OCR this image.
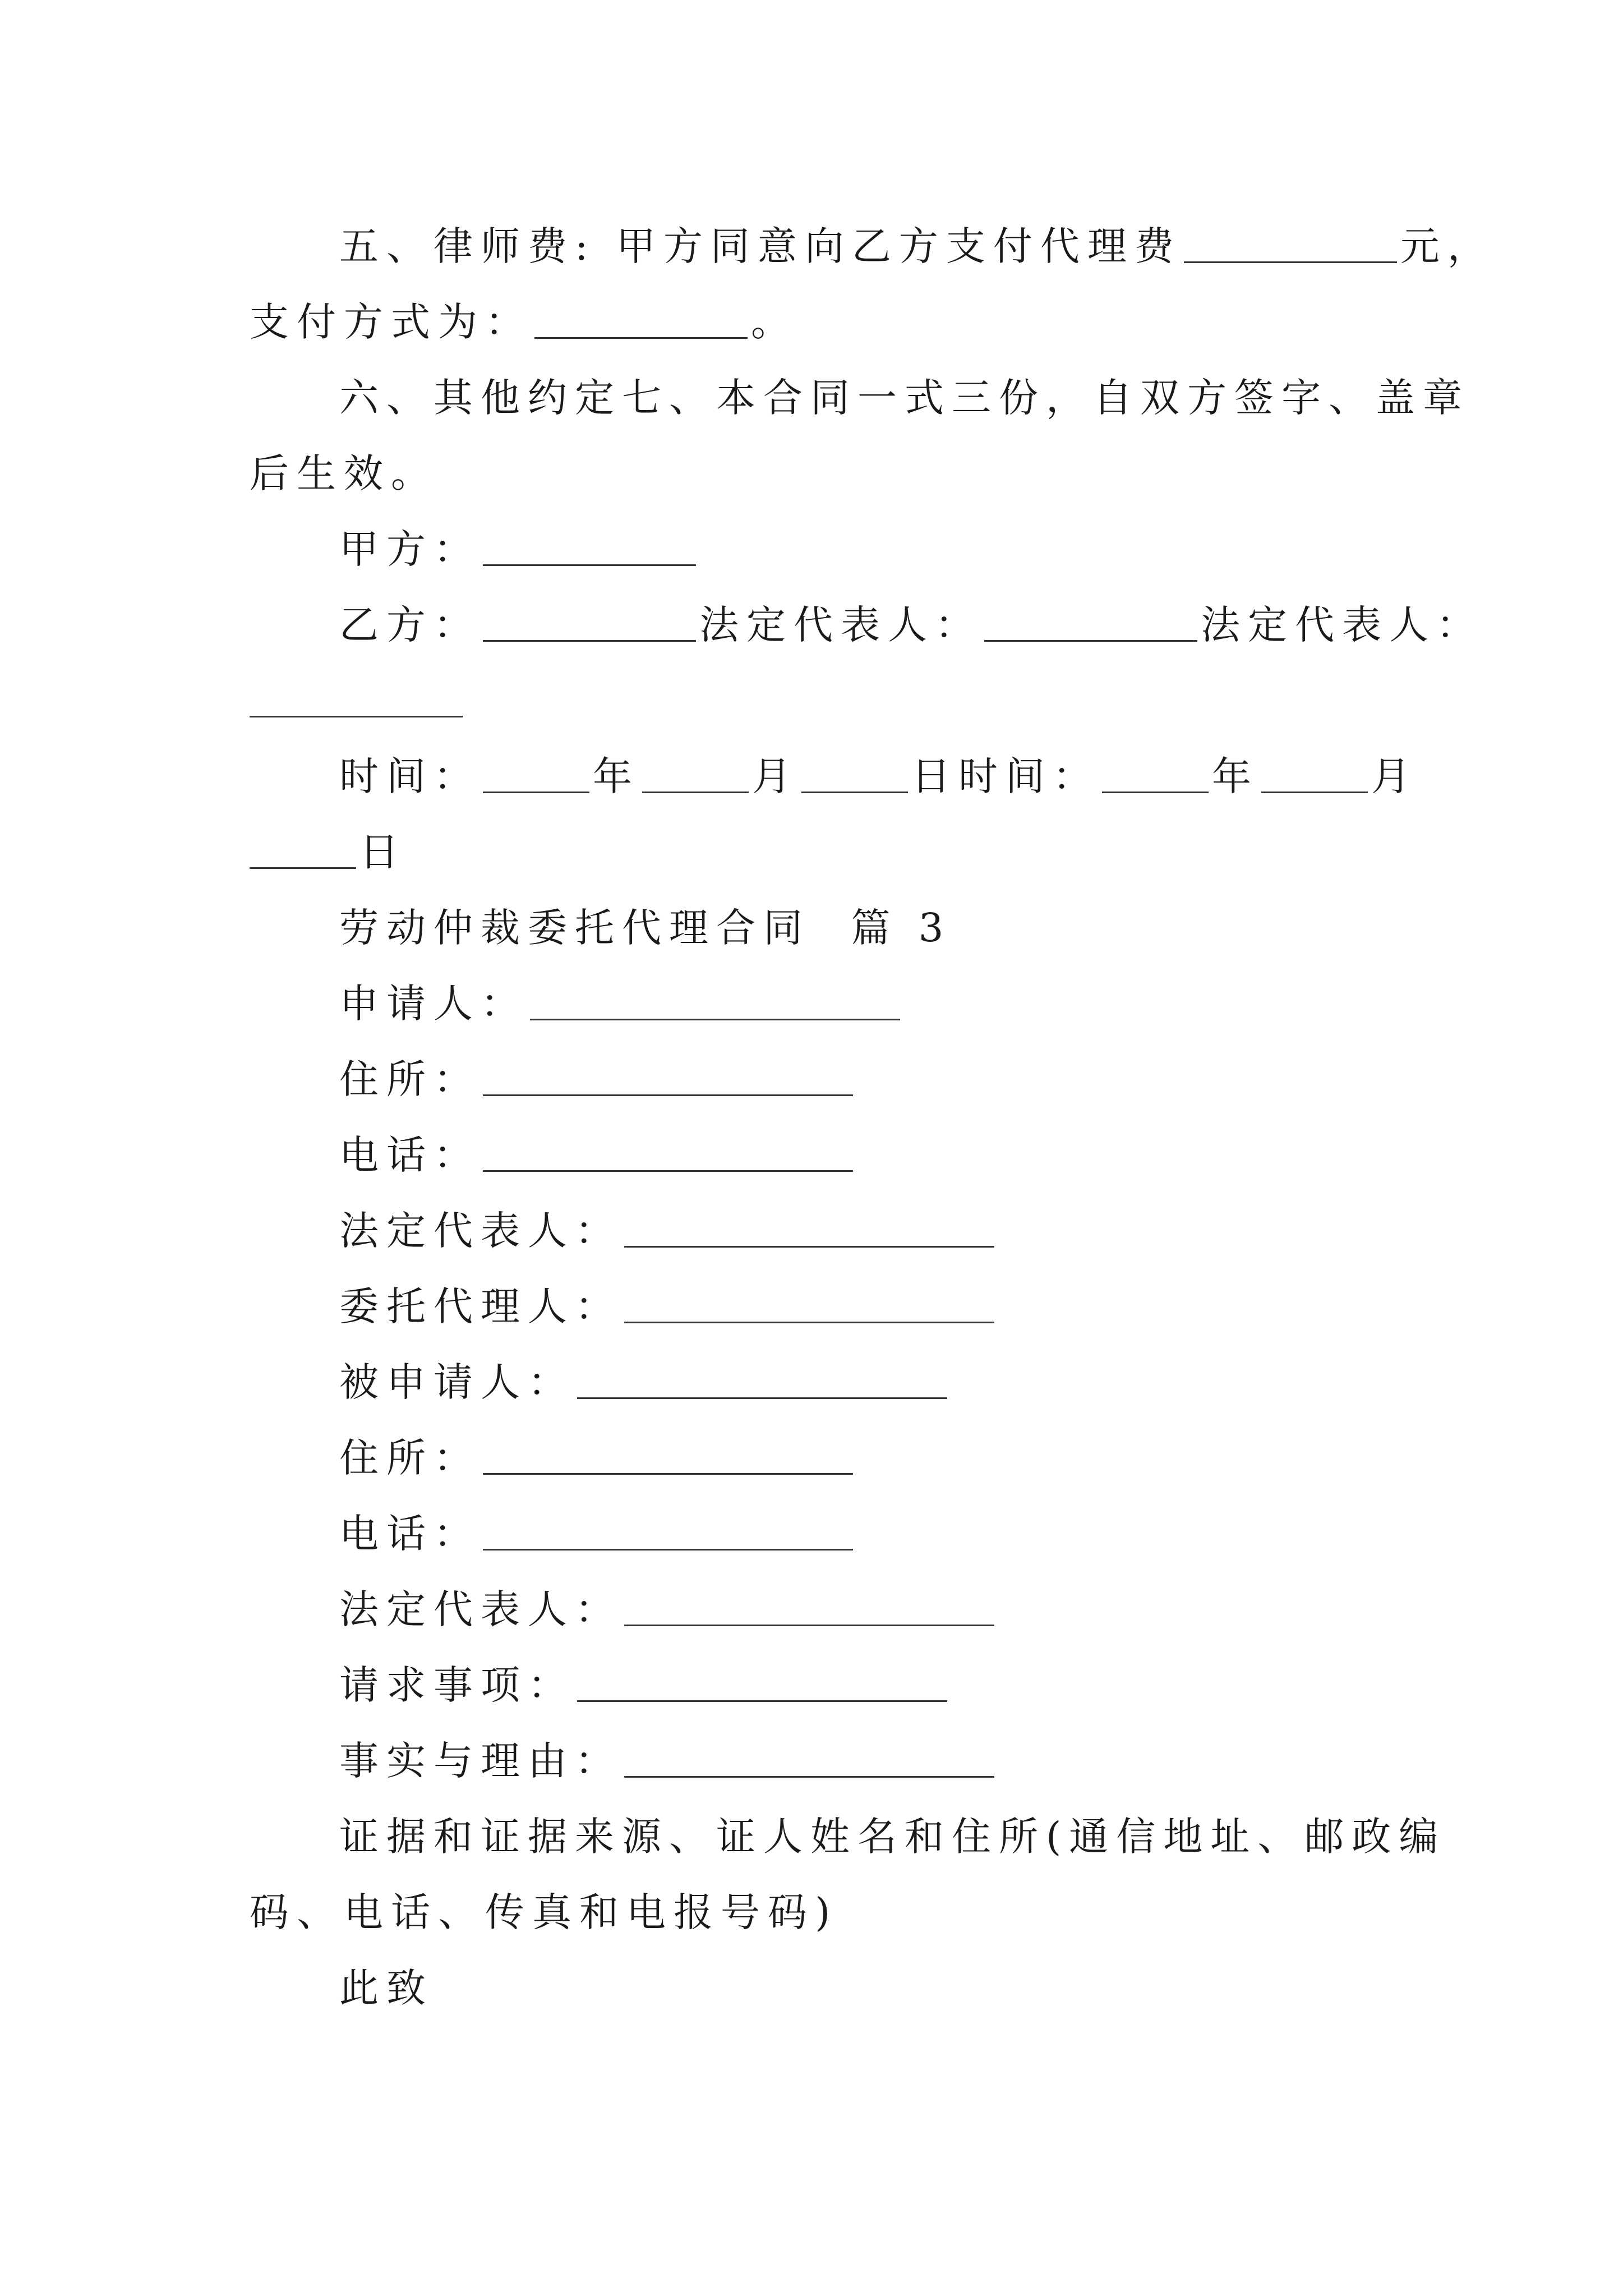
五、律师费: 甲方同意向乙方支付代理费	元，
支付方式为：	。
六、其他约定七、本合同一式三份，自双方签字、盖章
后生效。
甲方：
乙方：	法定代表人：	法定代表人：
时间：	年	月	日时间：	年	月
日
劳动仲裁委托代理合同  篇 3
申请人：
住所：
电话：
法定代表人：
委托代理人：
被申请人：
住所：
电话：
法定代表人：
请求事项：
事实与理由：
证据和证据来源、证人姓名和住所(通信地址、邮政编
码、电话、传真和电报号码)
此致
